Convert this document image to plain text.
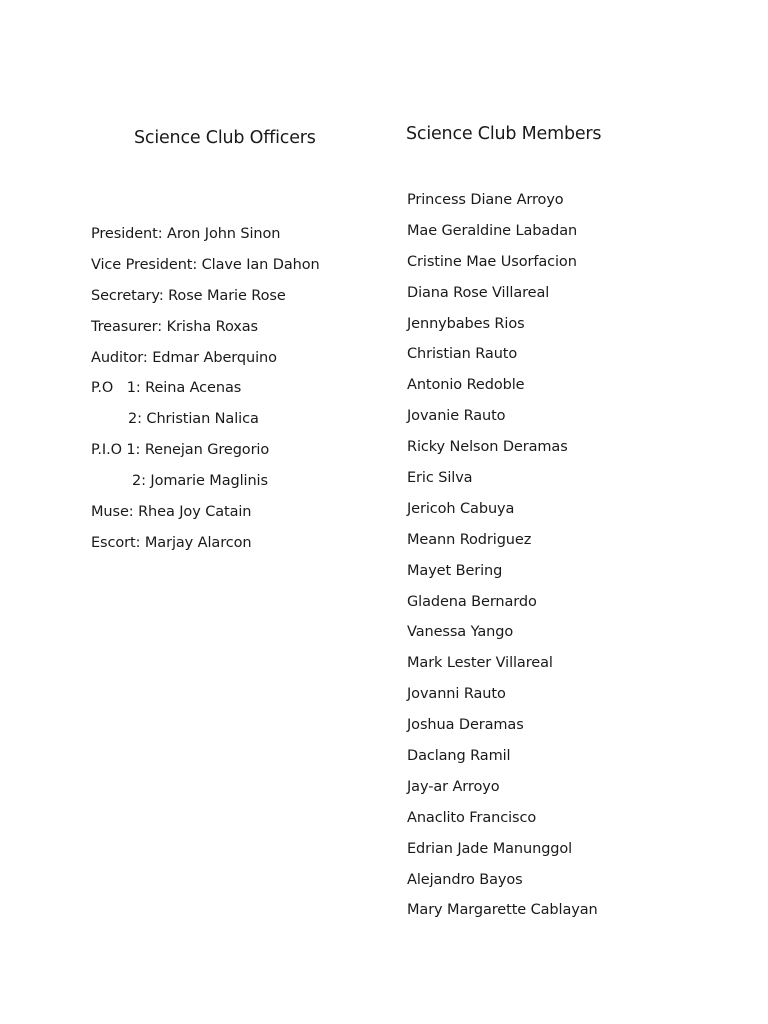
Science Club Officers
President: Aron John Sinon
Vice President: Clave Ian Dahon
Secretary: Rose Marie Rose
Treasurer: Krisha Roxas
Auditor: Edmar Aberquino
P.O   1: Reina Acenas
2: Christian Nalica
P.I.O 1: Renejan Gregorio
2: Jomarie Maglinis
Muse: Rhea Joy Catain
Escort: Marjay Alarcon
Science Club Members
Princess Diane Arroyo
Mae Geraldine Labadan
Cristine Mae Usorfacion
Diana Rose Villareal
Jennybabes Rios
Christian Rauto
Antonio Redoble
Jovanie Rauto
Ricky Nelson Deramas
Eric Silva
Jericoh Cabuya
Meann Rodriguez
Mayet Bering
Gladena Bernardo
Vanessa Yango
Mark Lester Villareal
Jovanni Rauto
Joshua Deramas
Daclang Ramil
Jay-ar Arroyo
Anaclito Francisco
Edrian Jade Manunggol
Alejandro Bayos
Mary Margarette Cablayan
